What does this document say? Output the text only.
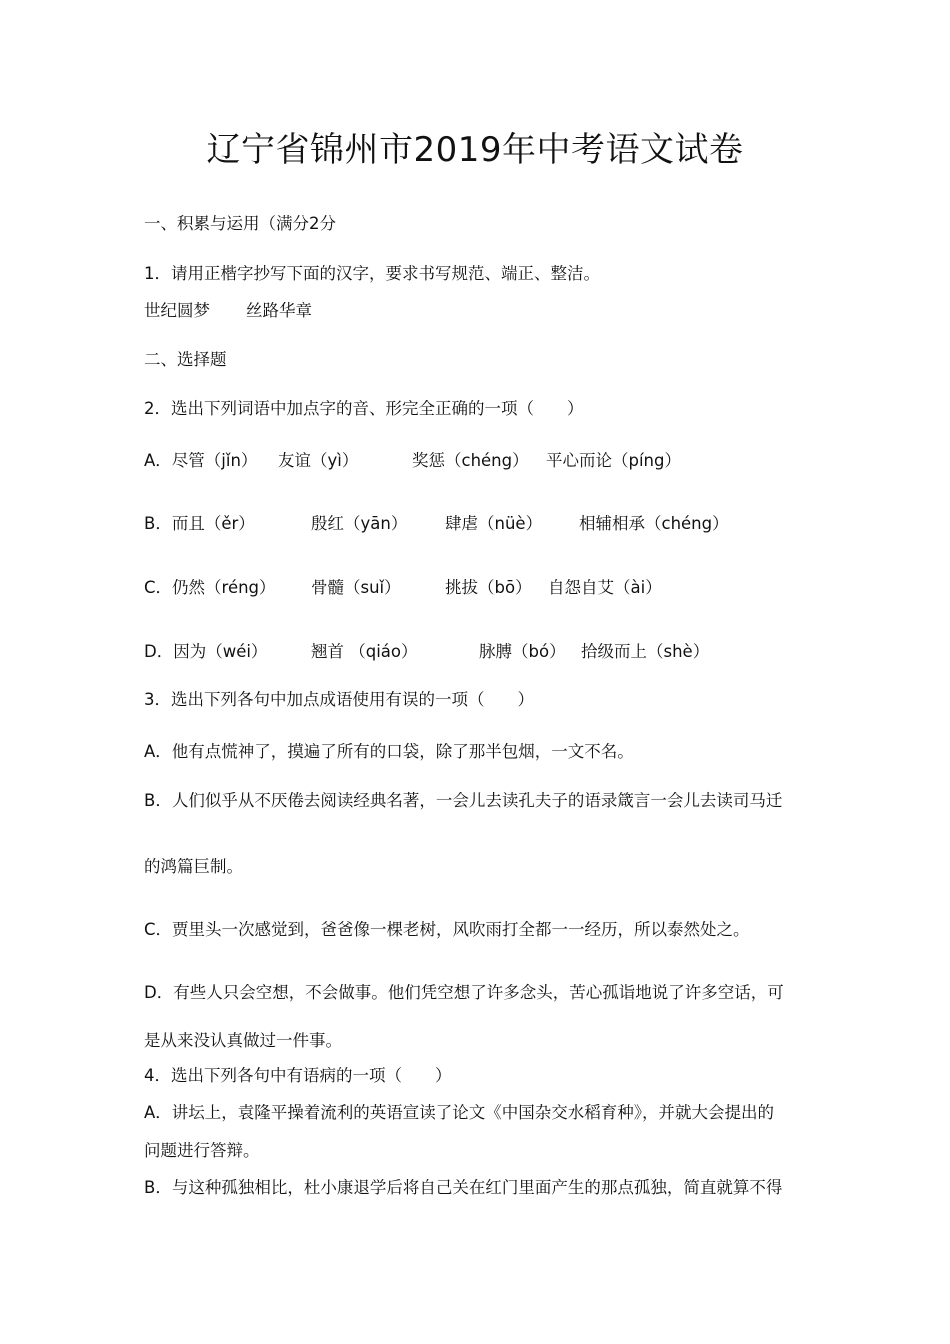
辽宁省锦州市2019年中考语文试卷
一、积累与运用（满分2分
1．请用正楷字抄写下面的汉字，要求书写规范、端正、整洁。
世纪圆梦 丝路华章
二、选择题
2．选出下列词语中加点字的音、形完全正确的一项（　　）
A．尽管（jǐn） 友谊（yì）	奖惩（chéng） 平心而论（píng）
B．而且（ěr）	殷红（yān） 肆虐（nüè） 相辅相承（chéng）
C．仍然（réng） 骨髓（suǐ）	挑拔（bō） 自怨自艾（ài）
D．因为（wéi）	翘首 （qiáo）	脉膊（bó） 拾级而上（shè）
3．选出下列各句中加点成语使用有误的一项（　　）
A．他有点慌神了，摸遍了所有的口袋，除了那半包烟，一文不名。
B．人们似乎从不厌倦去阅读经典名著，一会儿去读孔夫子的语录箴言一会儿去读司马迁
的鸿篇巨制。
C．贾里头一次感觉到，爸爸像一棵老树，风吹雨打全都一一经历，所以泰然处之。
D．有些人只会空想，不会做事。他们凭空想了许多念头，苦心孤诣地说了许多空话，可
是从来没认真做过一件事。
4．选出下列各句中有语病的一项（　　）
A．讲坛上，袁隆平操着流利的英语宣读了论文《中国杂交水稻育种》，并就大会提出的
问题进行答辩。
B．与这种孤独相比，杜小康退学后将自己关在红门里面产生的那点孤独，简直就算不得
